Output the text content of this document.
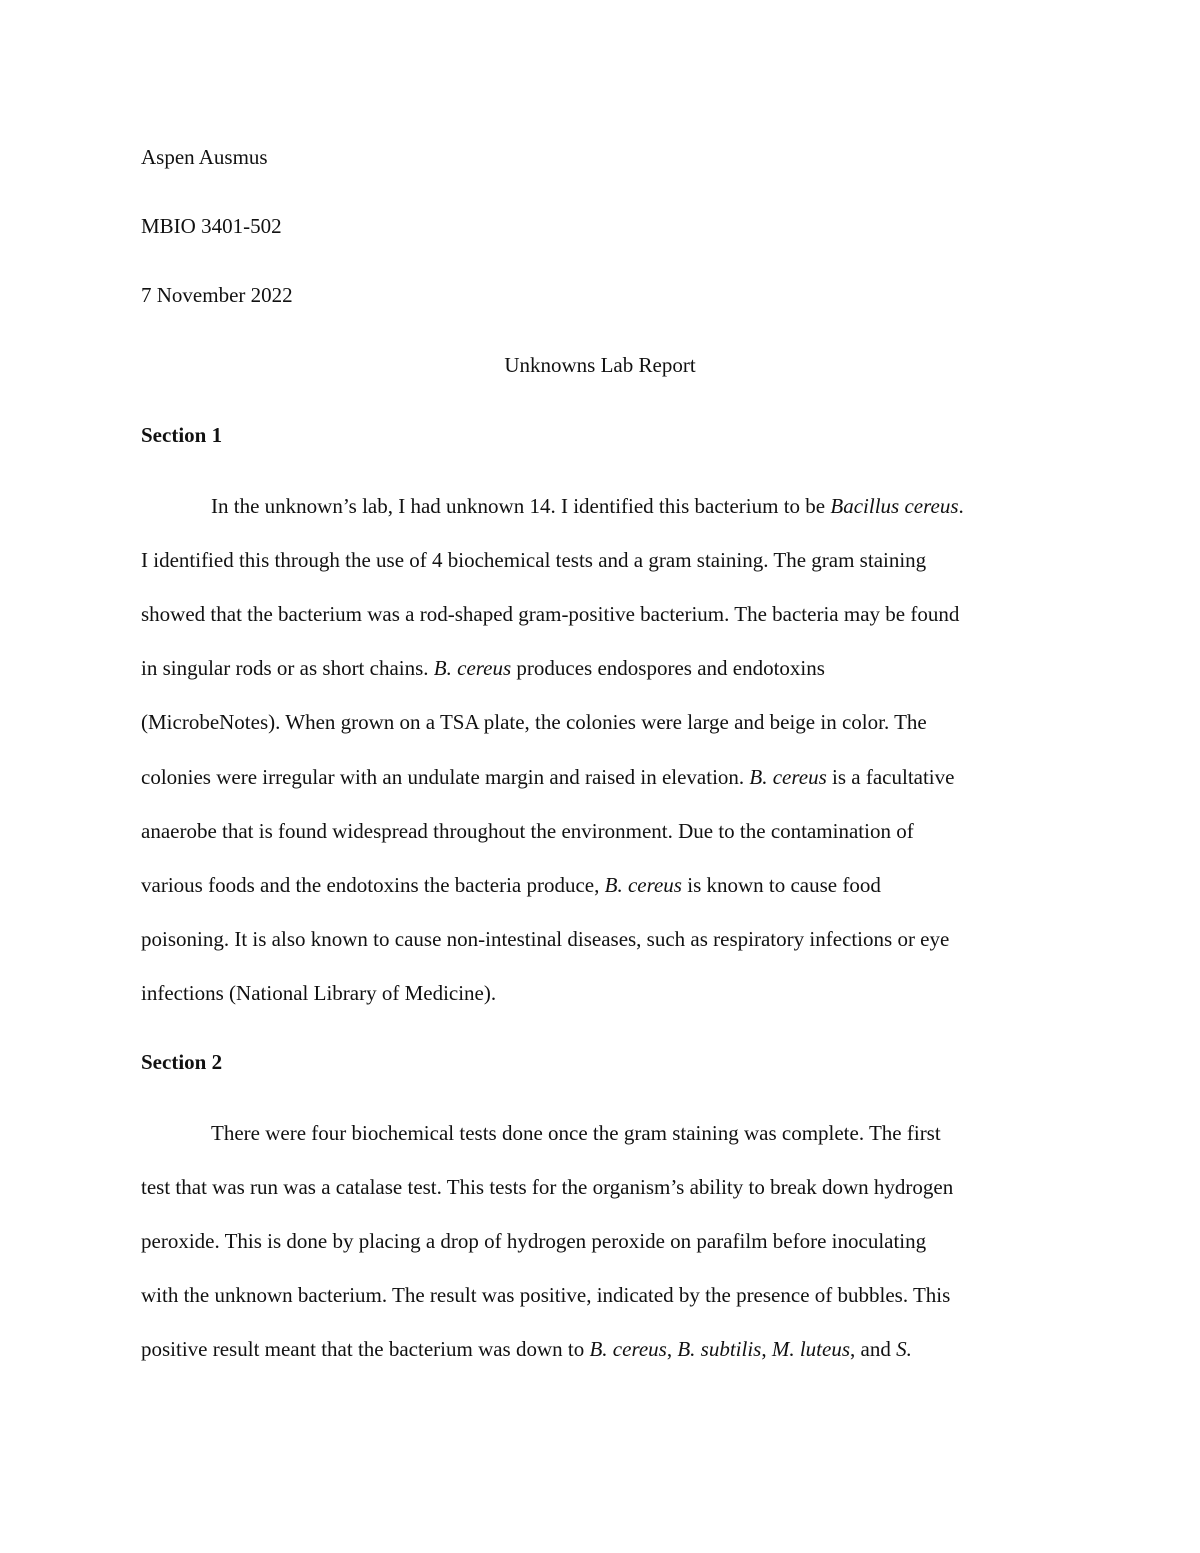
Aspen Ausmus
MBIO 3401-502
7 November 2022
Unknowns Lab Report
Section 1
In the unknown’s lab, I had unknown 14. I identified this bacterium to be Bacillus cereus.
I identified this through the use of 4 biochemical tests and a gram staining. The gram staining
showed that the bacterium was a rod-shaped gram-positive bacterium. The bacteria may be found
in singular rods or as short chains. B. cereus produces endospores and endotoxins
(MicrobeNotes). When grown on a TSA plate, the colonies were large and beige in color. The
colonies were irregular with an undulate margin and raised in elevation. B. cereus is a facultative
anaerobe that is found widespread throughout the environment. Due to the contamination of
various foods and the endotoxins the bacteria produce, B. cereus is known to cause food
poisoning. It is also known to cause non-intestinal diseases, such as respiratory infections or eye
infections (National Library of Medicine).
Section 2
There were four biochemical tests done once the gram staining was complete. The first
test that was run was a catalase test. This tests for the organism’s ability to break down hydrogen
peroxide. This is done by placing a drop of hydrogen peroxide on parafilm before inoculating
with the unknown bacterium. The result was positive, indicated by the presence of bubbles. This
positive result meant that the bacterium was down to B. cereus, B. subtilis, M. luteus, and S.
